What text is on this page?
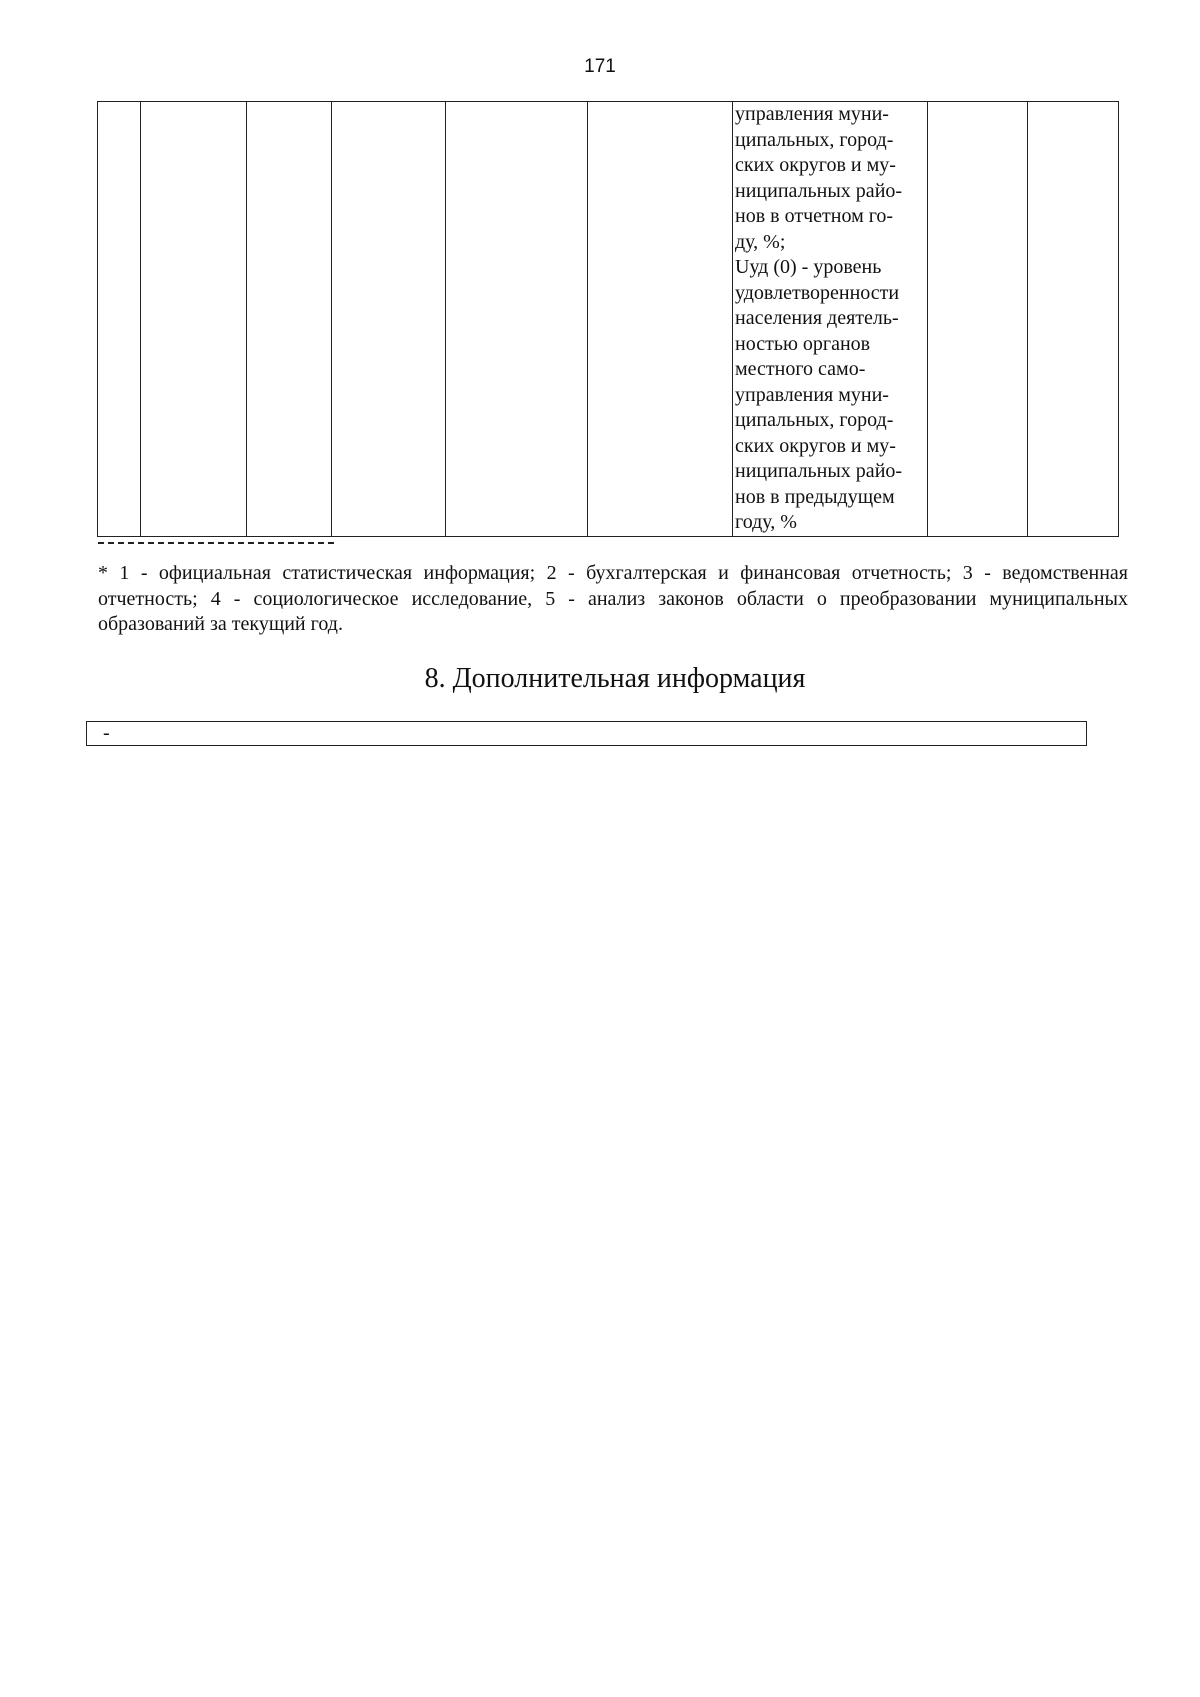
171
						управления муни-
ципальных, город-
ских округов и му-
ниципальных райо-
нов в отчетном го-
ду, %;
Uуд (0) - уровень
удовлетворенности
населения деятель-
ностью органов
местного само-
управления муни-
ципальных, город-
ских округов и му-
ниципальных райо-
нов в предыдущем
году, %		
* 1 - официальная статистическая информация; 2 - бухгалтерская и финансовая отчетность; 3 - ведомственная отчетность; 4 - социологическое исследование, 5 - анализ законов области о преобразовании муниципальных образований за текущий год.
8. Дополнительная информация
-
